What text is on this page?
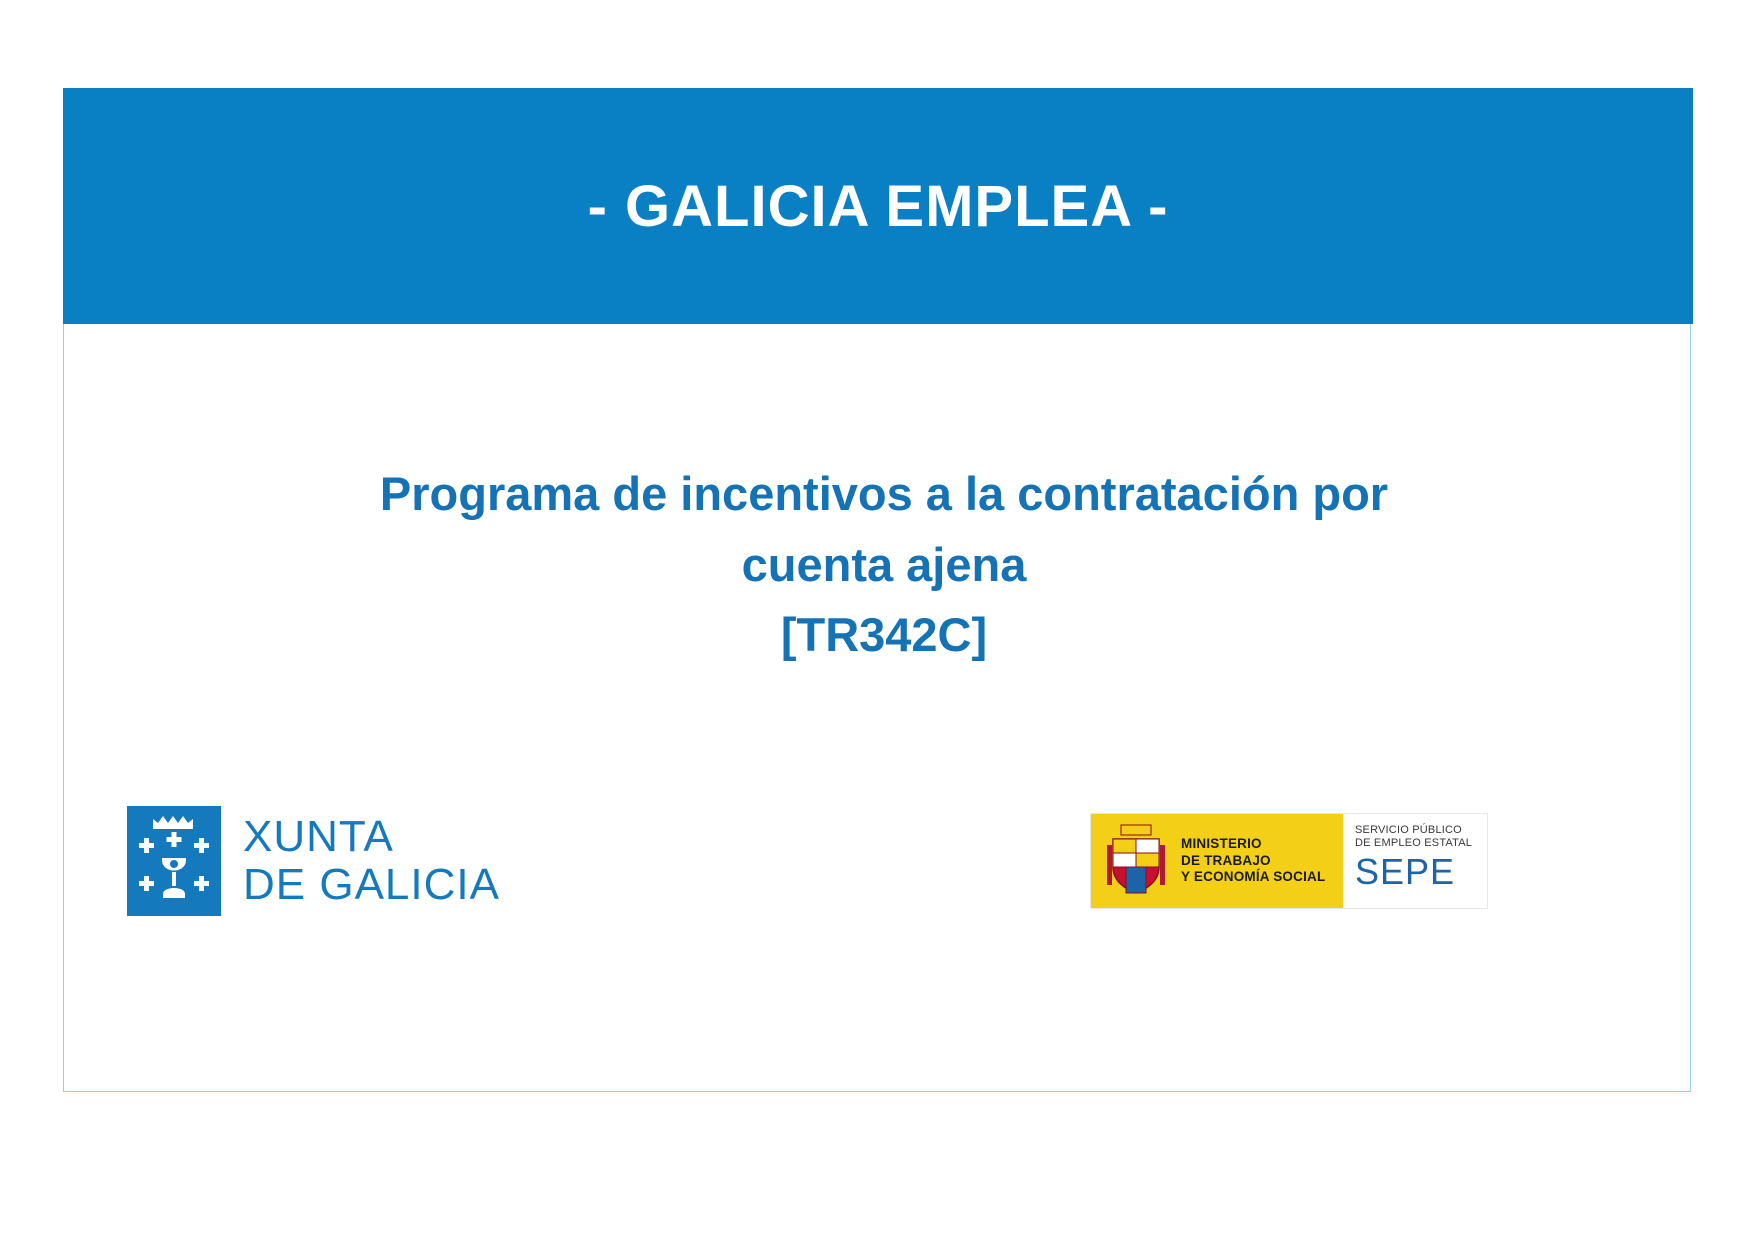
- GALICIA EMPLEA -
Programa de incentivos a la contratación por
cuenta ajena
[TR342C]
XUNTA
DE GALICIA
MINISTERIO
DE TRABAJO
Y ECONOMÍA SOCIAL
SERVICIO PÚBLICO
DE EMPLEO ESTATAL
SEPE
